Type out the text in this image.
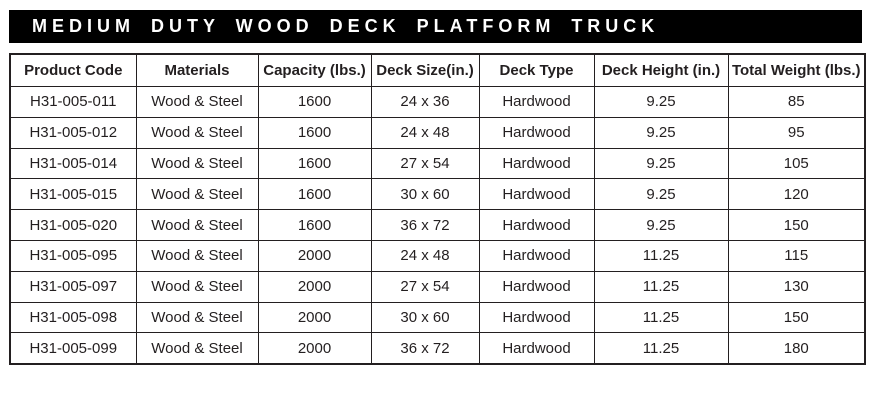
MEDIUM DUTY WOOD DECK PLATFORM TRUCK
Product Code	Materials	Capacity (lbs.)	Deck Size(in.)	Deck Type	Deck Height (in.)	Total Weight (lbs.)
H31-005-011	Wood & Steel	1600	24 x 36	Hardwood	9.25	85
H31-005-012	Wood & Steel	1600	24 x 48	Hardwood	9.25	95
H31-005-014	Wood & Steel	1600	27 x 54	Hardwood	9.25	105
H31-005-015	Wood & Steel	1600	30 x 60	Hardwood	9.25	120
H31-005-020	Wood & Steel	1600	36 x 72	Hardwood	9.25	150
H31-005-095	Wood & Steel	2000	24 x 48	Hardwood	11.25	115
H31-005-097	Wood & Steel	2000	27 x 54	Hardwood	11.25	130
H31-005-098	Wood & Steel	2000	30 x 60	Hardwood	11.25	150
H31-005-099	Wood & Steel	2000	36 x 72	Hardwood	11.25	180
